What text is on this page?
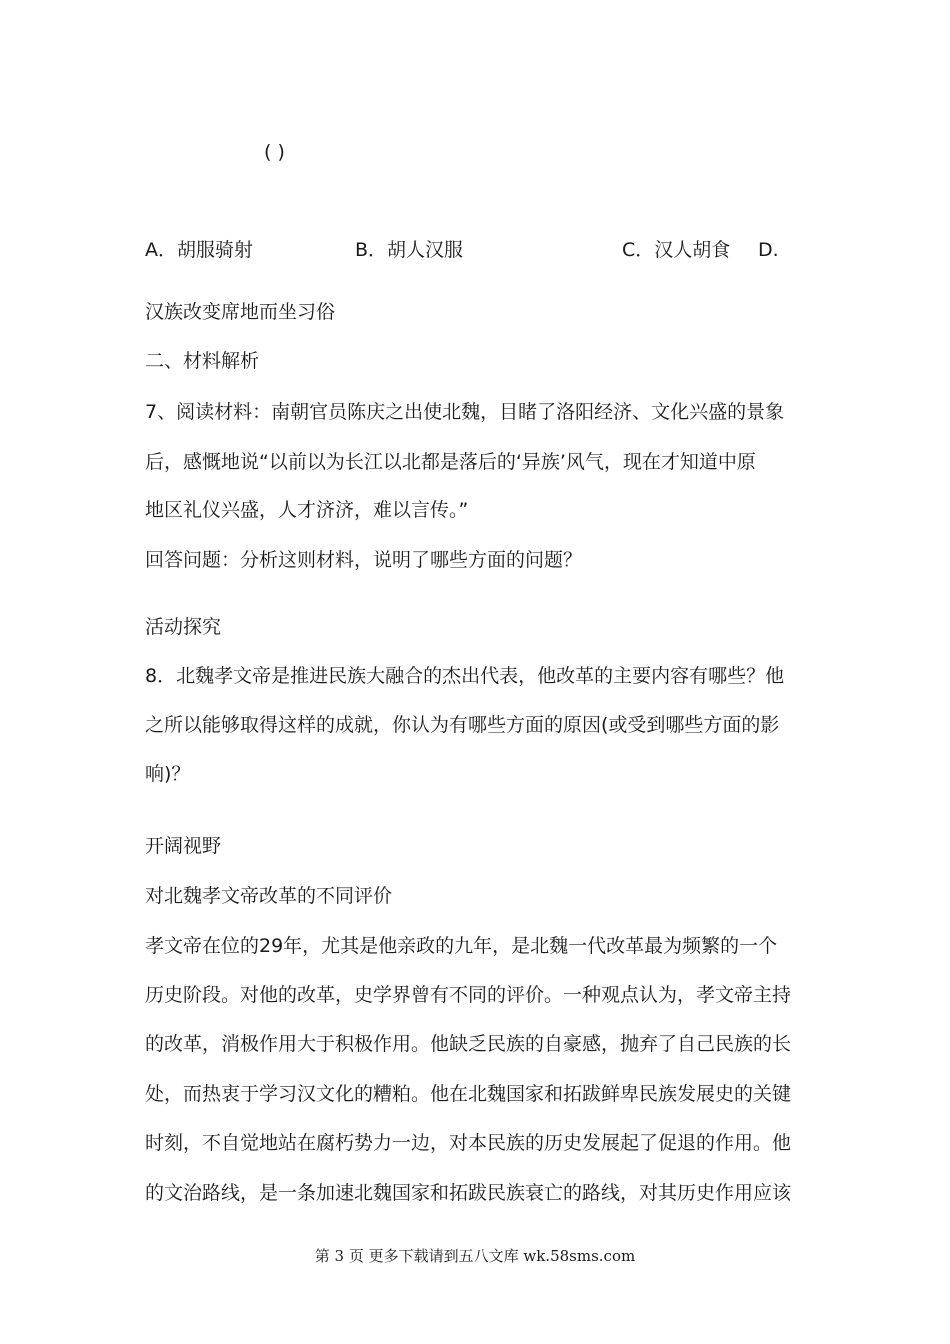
( )
A．胡服骑射	B．胡人汉服	C．汉人胡食 D.
汉族改变席地而坐习俗
二、材料解析
7、阅读材料：南朝官员陈庆之出使北魏，目睹了洛阳经济、文化兴盛的景象
后，感慨地说“以前以为长江以北都是落后的‘异族’风气，现在才知道中原
地区礼仪兴盛，人才济济，难以言传。”
回答问题：分析这则材料，说明了哪些方面的问题？
活动探究
8．北魏孝文帝是推进民族大融合的杰出代表，他改革的主要内容有哪些？他
之所以能够取得这样的成就，你认为有哪些方面的原因(或受到哪些方面的影
响)？
开阔视野
对北魏孝文帝改革的不同评价
孝文帝在位的29年，尤其是他亲政的九年，是北魏一代改革最为频繁的一个
历史阶段。对他的改革，史学界曾有不同的评价。一种观点认为，孝文帝主持
的改革，消极作用大于积极作用。他缺乏民族的自豪感，抛弃了自己民族的长
处，而热衷于学习汉文化的糟粕。他在北魏国家和拓跋鲜卑民族发展史的关键
时刻，不自觉地站在腐朽势力一边，对本民族的历史发展起了促退的作用。他
的文治路线，是一条加速北魏国家和拓跋民族衰亡的路线，对其历史作用应该
第 3 页 更多下载请到五八文库 wk.58sms.com
